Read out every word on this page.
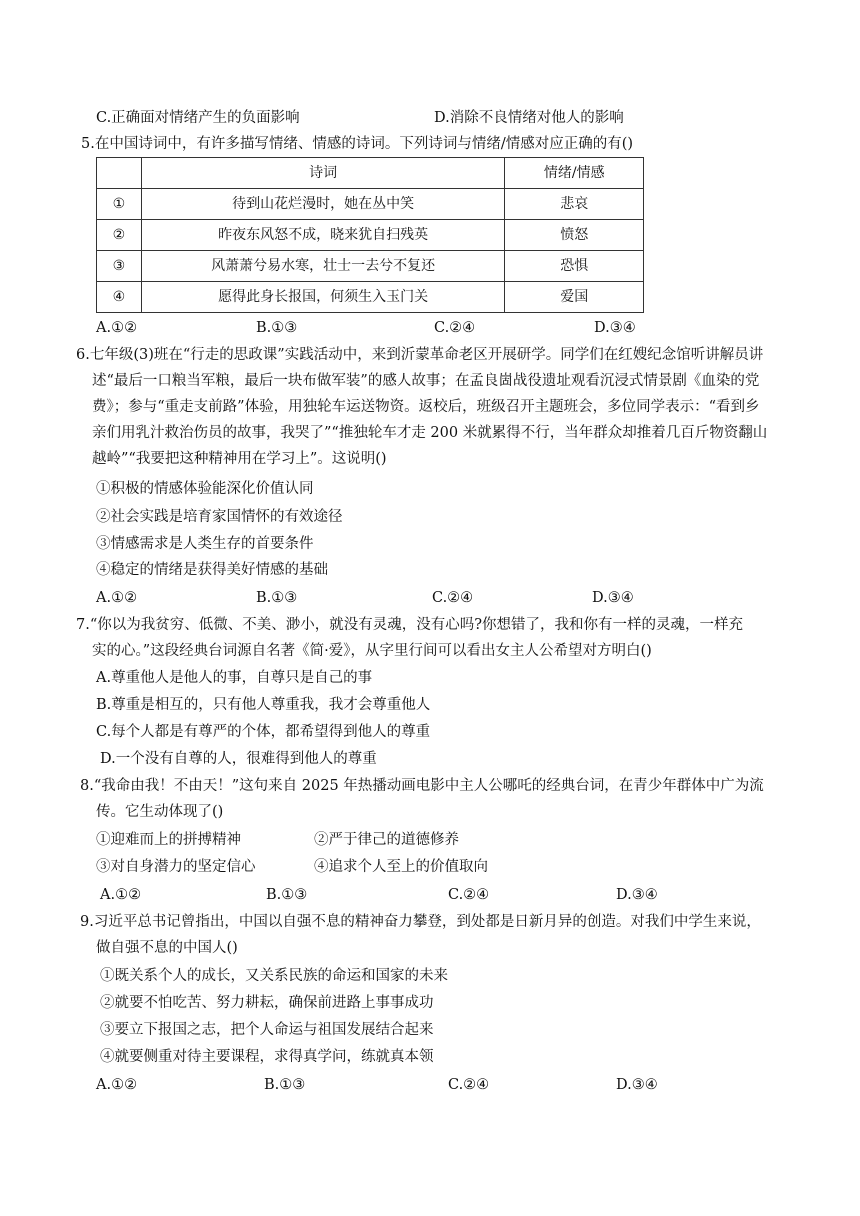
C.正确面对情绪产生的负面影响	D.消除不良情绪对他人的影响
5.在中国诗词中，有许多描写情绪、情感的诗词。下列诗词与情绪/情感对应正确的有()
	诗词	情绪/情感
①	待到山花烂漫时，她在丛中笑	悲哀
②	昨夜东风怒不成，晓来犹自扫残英	愤怒
③	风萧萧兮易水寒，壮士一去兮不复还	恐惧
④	愿得此身长报国，何须生入玉门关	爱国
A.①②	B.①③	C.②④	D.③④
6.七年级(3)班在“行走的思政课”实践活动中，来到沂蒙革命老区开展研学。同学们在红嫂纪念馆听讲解员讲
述“最后一口粮当军粮，最后一块布做军装”的感人故事；在孟良崮战役遗址观看沉浸式情景剧《血染的党
费》；参与“重走支前路”体验，用独轮车运送物资。返校后，班级召开主题班会，多位同学表示：“看到乡
亲们用乳汁救治伤员的故事，我哭了”“推独轮车才走 200 米就累得不行，当年群众却推着几百斤物资翻山
越岭”“我要把这种精神用在学习上”。这说明()
①积极的情感体验能深化价值认同
②社会实践是培育家国情怀的有效途径
③情感需求是人类生存的首要条件
④稳定的情绪是获得美好情感的基础
A.①②	B.①③	C.②④	D.③④
7.“你以为我贫穷、低微、不美、渺小，就没有灵魂，没有心吗?你想错了，我和你有一样的灵魂，一样充
实的心。”这段经典台词源自名著《简·爱》，从字里行间可以看出女主人公希望对方明白()
A.尊重他人是他人的事，自尊只是自己的事
B.尊重是相互的，只有他人尊重我，我才会尊重他人
C.每个人都是有尊严的个体，都希望得到他人的尊重
D.一个没有自尊的人，很难得到他人的尊重
8.“我命由我！不由天！”这句来自 2025 年热播动画电影中主人公哪吒的经典台词，在青少年群体中广为流
传。它生动体现了()
①迎难而上的拼搏精神	②严于律己的道德修养
③对自身潜力的坚定信心	④追求个人至上的价值取向
A.①②	B.①③	C.②④	D.③④
9.习近平总书记曾指出，中国以自强不息的精神奋力攀登，到处都是日新月异的创造。对我们中学生来说，
做自强不息的中国人()
①既关系个人的成长，又关系民族的命运和国家的未来
②就要不怕吃苦、努力耕耘，确保前进路上事事成功
③要立下报国之志，把个人命运与祖国发展结合起来
④就要侧重对待主要课程，求得真学问，练就真本领
A.①②	B.①③	C.②④	D.③④
